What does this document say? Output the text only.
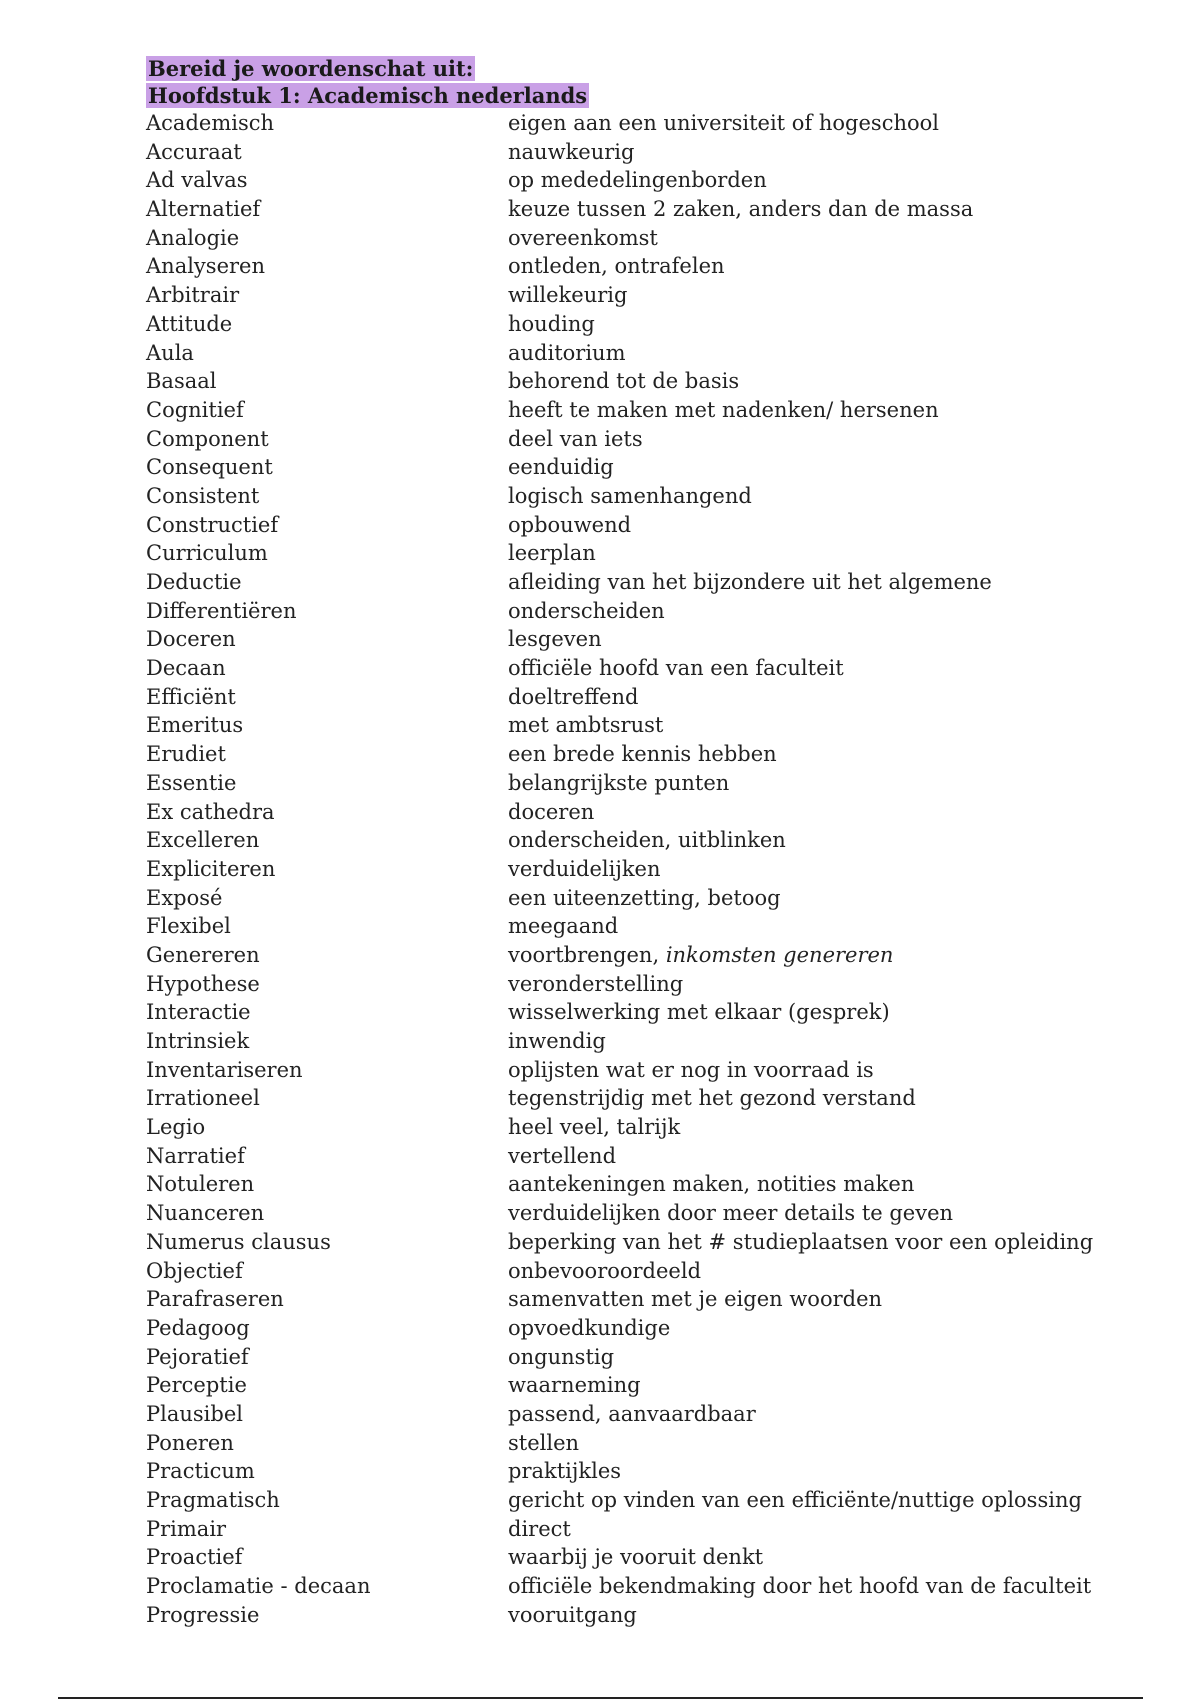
Bereid je woordenschat uit:
Hoofdstuk 1: Academisch nederlands
Academisch	eigen aan een universiteit of hogeschool
Accuraat	nauwkeurig
Ad valvas	op mededelingenborden
Alternatief	keuze tussen 2 zaken, anders dan de massa
Analogie	overeenkomst
Analyseren	ontleden, ontrafelen
Arbitrair	willekeurig
Attitude	houding
Aula	auditorium
Basaal	behorend tot de basis
Cognitief	heeft te maken met nadenken/ hersenen
Component	deel van iets
Consequent	eenduidig
Consistent	logisch samenhangend
Constructief	opbouwend
Curriculum	leerplan
Deductie	afleiding van het bijzondere uit het algemene
Differentiëren	onderscheiden
Doceren	lesgeven
Decaan	officiële hoofd van een faculteit
Efficiënt	doeltreffend
Emeritus	met ambtsrust
Erudiet	een brede kennis hebben
Essentie	belangrijkste punten
Ex cathedra	doceren
Excelleren	onderscheiden, uitblinken
Expliciteren	verduidelijken
Exposé	een uiteenzetting, betoog
Flexibel	meegaand
Genereren	voortbrengen, inkomsten genereren
Hypothese	veronderstelling
Interactie	wisselwerking met elkaar (gesprek)
Intrinsiek	inwendig
Inventariseren	oplijsten wat er nog in voorraad is
Irrationeel	tegenstrijdig met het gezond verstand
Legio	heel veel, talrijk
Narratief	vertellend
Notuleren	aantekeningen maken, notities maken
Nuanceren	verduidelijken door meer details te geven
Numerus clausus	beperking van het # studieplaatsen voor een opleiding
Objectief	onbevooroordeeld
Parafraseren	samenvatten met je eigen woorden
Pedagoog	opvoedkundige
Pejoratief	ongunstig
Perceptie	waarneming
Plausibel	passend, aanvaardbaar
Poneren	stellen
Practicum	praktijkles
Pragmatisch	gericht op vinden van een efficiënte/nuttige oplossing
Primair	direct
Proactief	waarbij je vooruit denkt
Proclamatie - decaan	officiële bekendmaking door het hoofd van de faculteit
Progressie	vooruitgang
